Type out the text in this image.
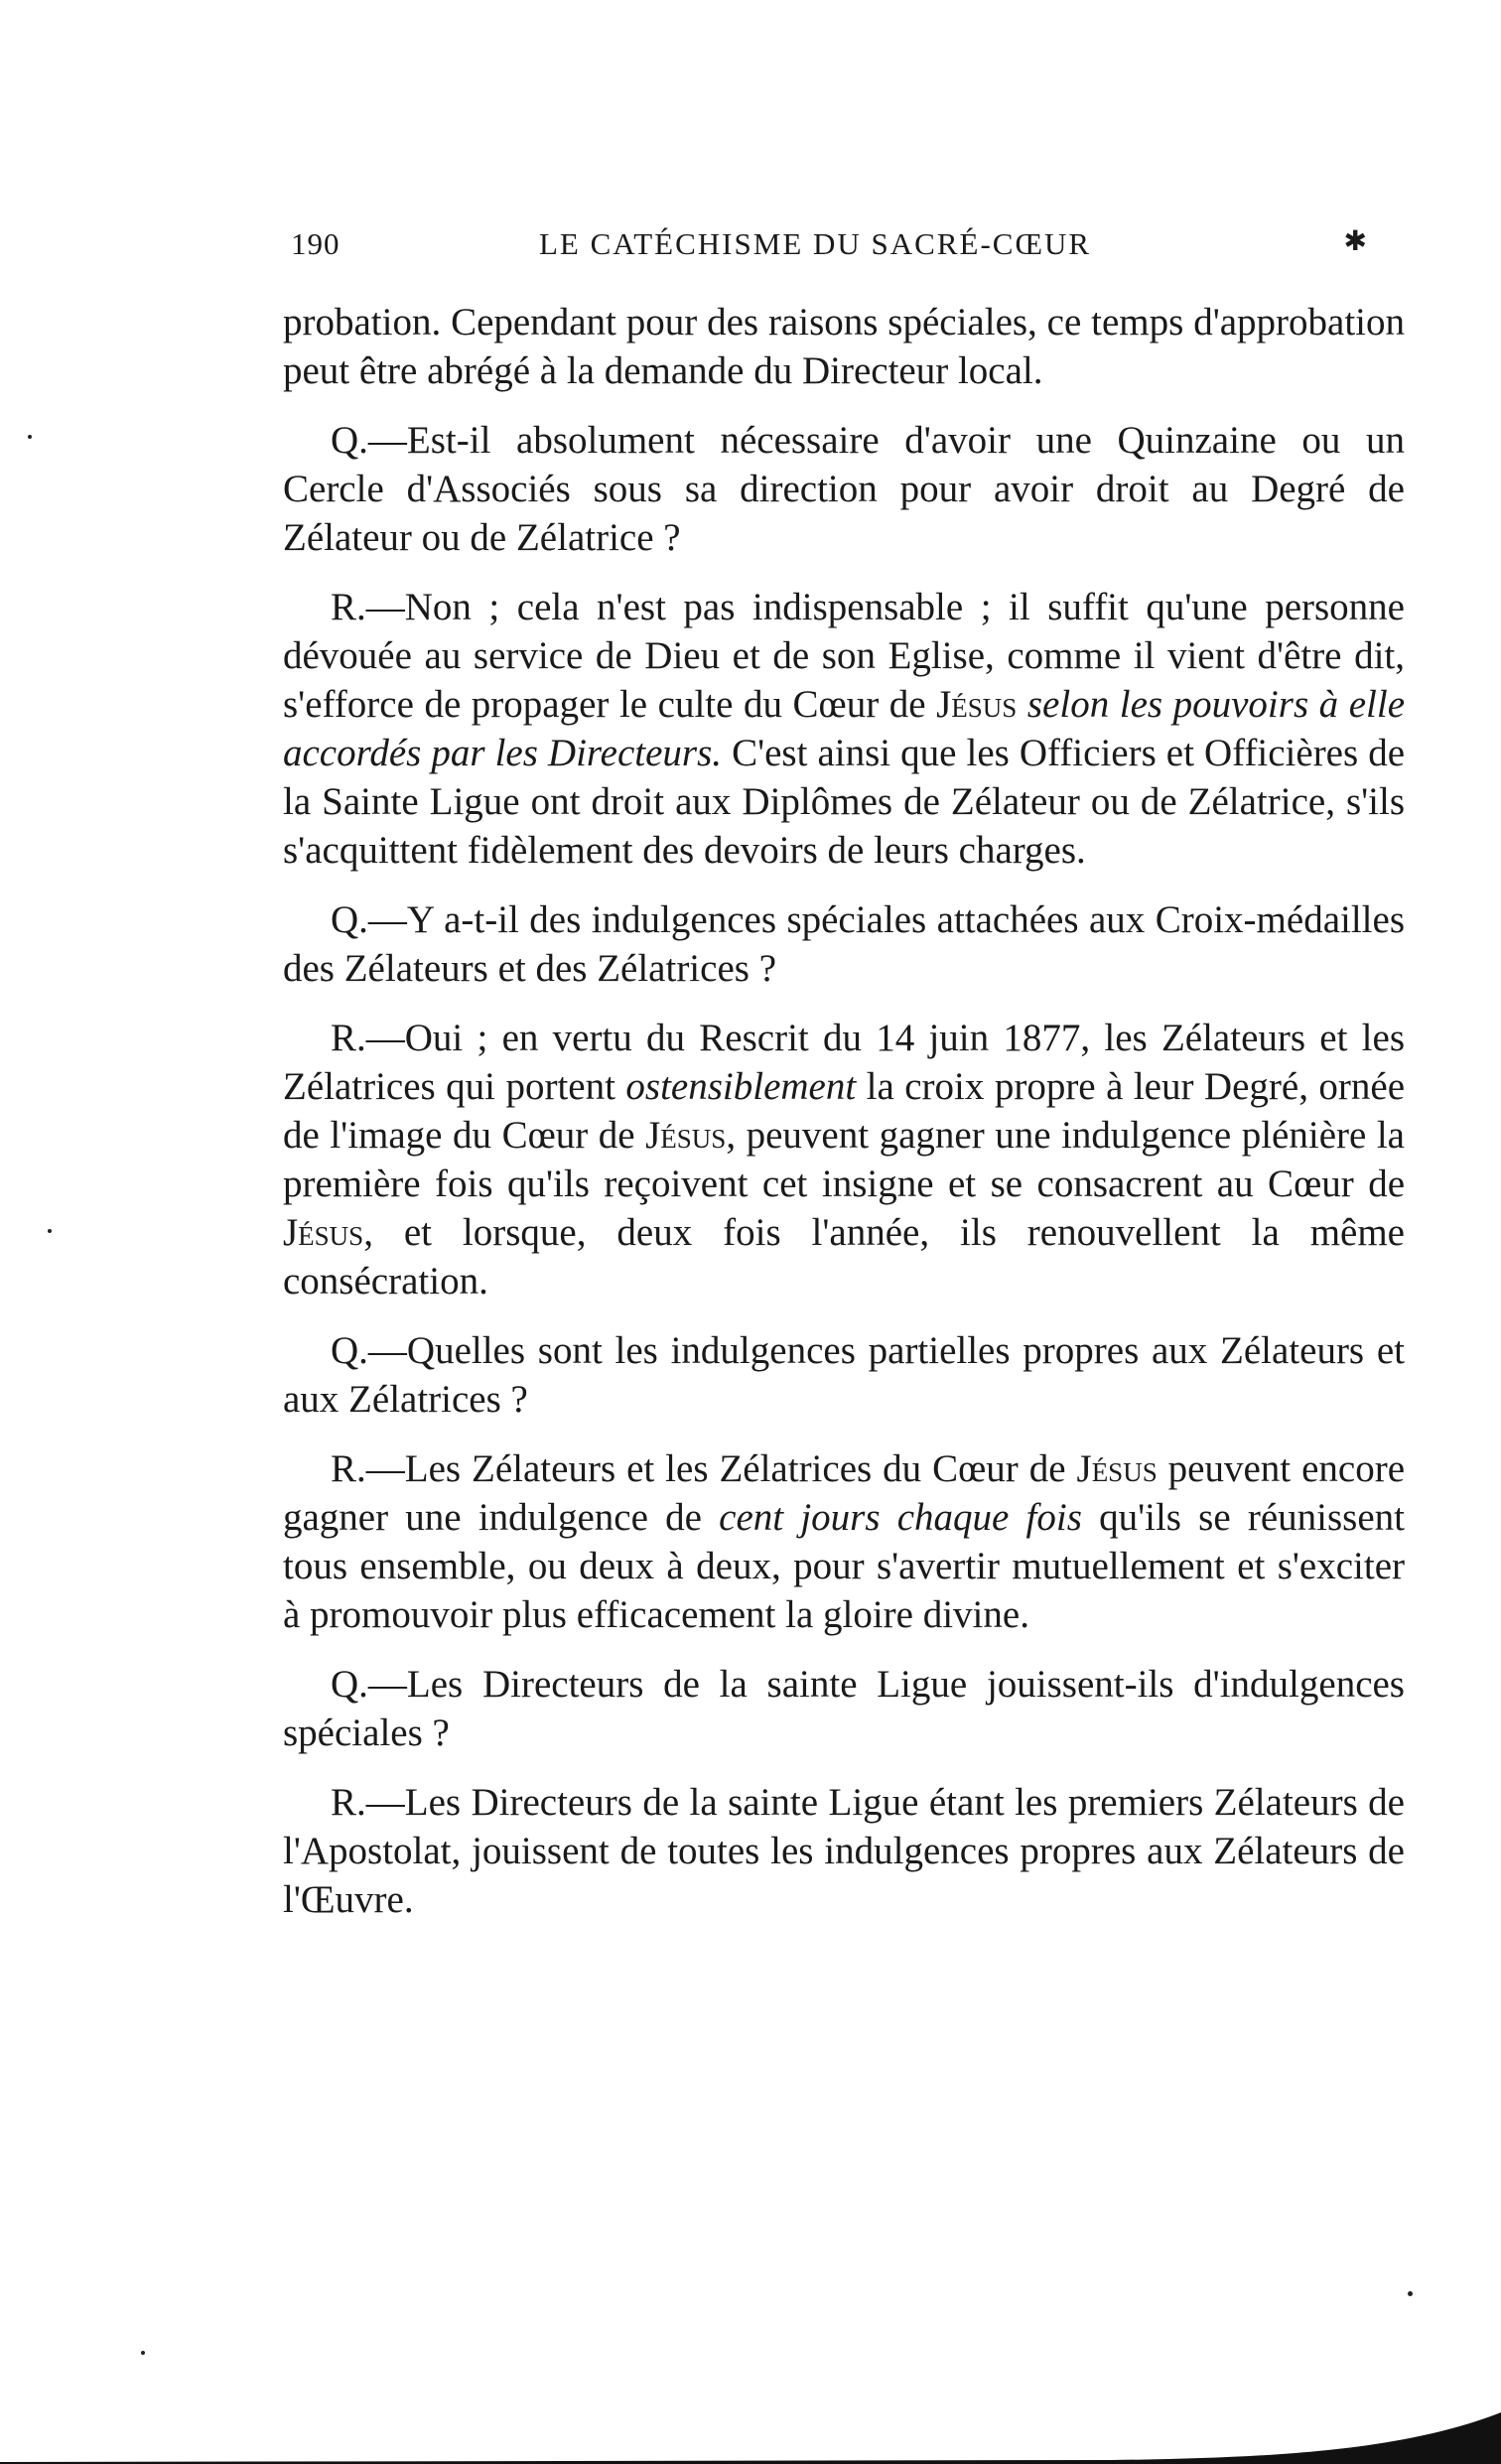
190	LE CATÉCHISME DU SACRÉ-CŒUR	✱

probation. Cependant pour des raisons spéciales, ce temps d'approbation peut être abrégé à la demande du Directeur local.

Q.—Est-il absolument nécessaire d'avoir une Quinzaine ou un Cercle d'Associés sous sa direction pour avoir droit au Degré de Zélateur ou de Zélatrice ?

R.—Non ; cela n'est pas indispensable ; il suffit qu'une personne dévouée au service de Dieu et de son Eglise, comme il vient d'être dit, s'efforce de propager le culte du Cœur de Jésus selon les pouvoirs à elle accordés par les Directeurs. C'est ainsi que les Officiers et Officières de la Sainte Ligue ont droit aux Diplômes de Zélateur ou de Zélatrice, s'ils s'acquittent fidèlement des devoirs de leurs charges.

Q.—Y a-t-il des indulgences spéciales attachées aux Croix-médailles des Zélateurs et des Zélatrices ?

R.—Oui ; en vertu du Rescrit du 14 juin 1877, les Zélateurs et les Zélatrices qui portent ostensiblement la croix propre à leur Degré, ornée de l'image du Cœur de Jésus, peuvent gagner une indulgence plénière la première fois qu'ils reçoivent cet insigne et se consacrent au Cœur de Jésus, et lorsque, deux fois l'année, ils renouvellent la même consécration.

Q.—Quelles sont les indulgences partielles propres aux Zélateurs et aux Zélatrices ?

R.—Les Zélateurs et les Zélatrices du Cœur de Jésus peuvent encore gagner une indulgence de cent jours chaque fois qu'ils se réunissent tous ensemble, ou deux à deux, pour s'avertir mutuellement et s'exciter à promouvoir plus efficacement la gloire divine.

Q.—Les Directeurs de la sainte Ligue jouissent-ils d'indulgences spéciales ?

R.—Les Directeurs de la sainte Ligue étant les premiers Zélateurs de l'Apostolat, jouissent de toutes les indulgences propres aux Zélateurs de l'Œuvre.
